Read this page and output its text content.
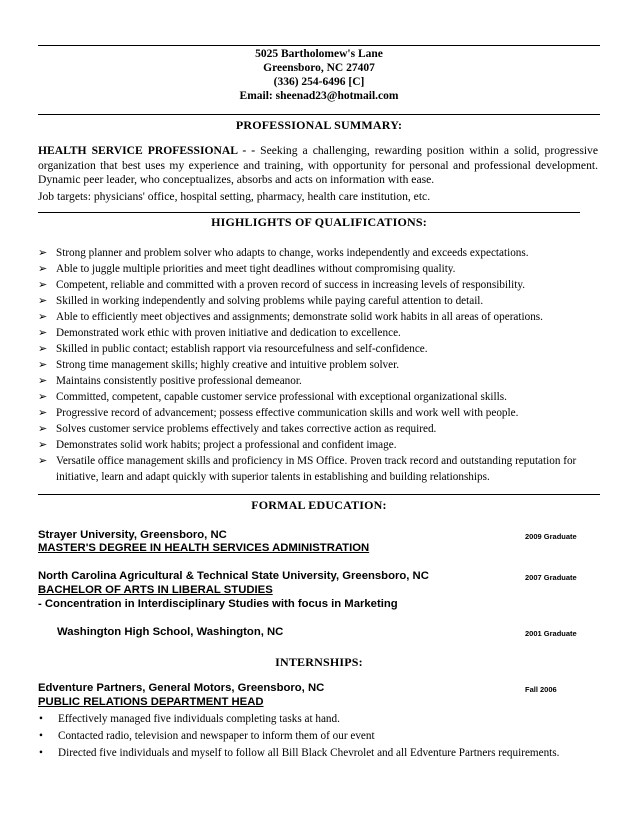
5025 Bartholomew's Lane
Greensboro, NC 27407
(336) 254-6496 [C]
Email: sheenad23@hotmail.com
PROFESSIONAL SUMMARY:
HEALTH SERVICE PROFESSIONAL - - Seeking a challenging, rewarding position within a solid, progressive organization that best uses my experience and training, with opportunity for personal and professional development. Dynamic peer leader, who conceptualizes, absorbs and acts on information with ease.
Job targets: physicians' office, hospital setting, pharmacy, health care institution, etc.
HIGHLIGHTS OF QUALIFICATIONS:
➢ Strong planner and problem solver who adapts to change, works independently and exceeds expectations.
➢ Able to juggle multiple priorities and meet tight deadlines without compromising quality.
➢ Competent, reliable and committed with a proven record of success in increasing levels of responsibility.
➢ Skilled in working independently and solving problems while paying careful attention to detail.
➢ Able to efficiently meet objectives and assignments; demonstrate solid work habits in all areas of operations.
➢ Demonstrated work ethic with proven initiative and dedication to excellence.
➢ Skilled in public contact; establish rapport via resourcefulness and self-confidence.
➢ Strong time management skills; highly creative and intuitive problem solver.
➢ Maintains consistently positive professional demeanor.
➢ Committed, competent, capable customer service professional with exceptional organizational skills.
➢ Progressive record of advancement; possess effective communication skills and work well with people.
➢ Solves customer service problems effectively and takes corrective action as required.
➢ Demonstrates solid work habits; project a professional and confident image.
➢ Versatile office management skills and proficiency in MS Office. Proven track record and outstanding reputation for initiative, learn and adapt quickly with superior talents in establishing and building relationships.
FORMAL EDUCATION:
Strayer University, Greensboro, NC	2009 Graduate
MASTER'S DEGREE IN HEALTH SERVICES ADMINISTRATION
North Carolina Agricultural & Technical State University, Greensboro, NC	2007 Graduate
BACHELOR OF ARTS IN LIBERAL STUDIES
- Concentration in Interdisciplinary Studies with focus in Marketing
Washington High School, Washington, NC	2001 Graduate
INTERNSHIPS:
Edventure Partners, General Motors, Greensboro, NC	Fall 2006
PUBLIC RELATIONS DEPARTMENT HEAD
• Effectively managed five individuals completing tasks at hand.
• Contacted radio, television and newspaper to inform them of our event
• Directed five individuals and myself to follow all Bill Black Chevrolet and all Edventure Partners requirements.
